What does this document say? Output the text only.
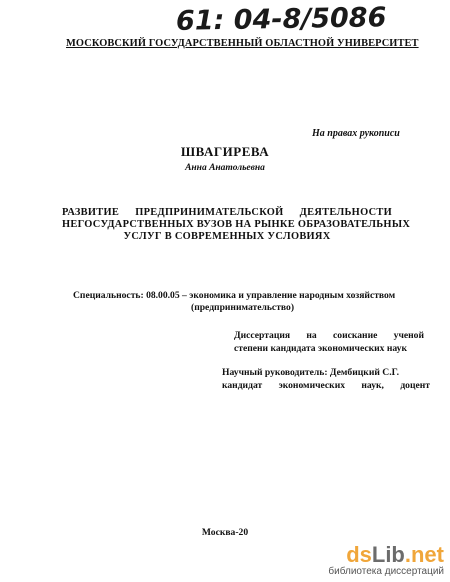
61: 04-8/5086
МОСКОВСКИЙ ГОСУДАРСТВЕННЫЙ ОБЛАСТНОЙ УНИВЕРСИТЕТ
На правах рукописи
ШВАГИРЕВА
Анна Анатольевна
РАЗВИТИЕ ПРЕДПРИНИМАТЕЛЬСКОЙ ДЕЯТЕЛЬНОСТИ
НЕГОСУДАРСТВЕННЫХ ВУЗОВ НА РЫНКЕ ОБРАЗОВАТЕЛЬНЫХ
УСЛУГ В СОВРЕМЕННЫХ УСЛОВИЯХ
Специальность: 08.00.05 – экономика и управление народным хозяйством
(предпринимательство)
Диссертация на соискание ученой
степени кандидата экономических наук
Научный руководитель: Дембицкий С.Г.

кандидат экономических наук, доцент
Москва-20
dsLib.net
библиотека диссертаций
